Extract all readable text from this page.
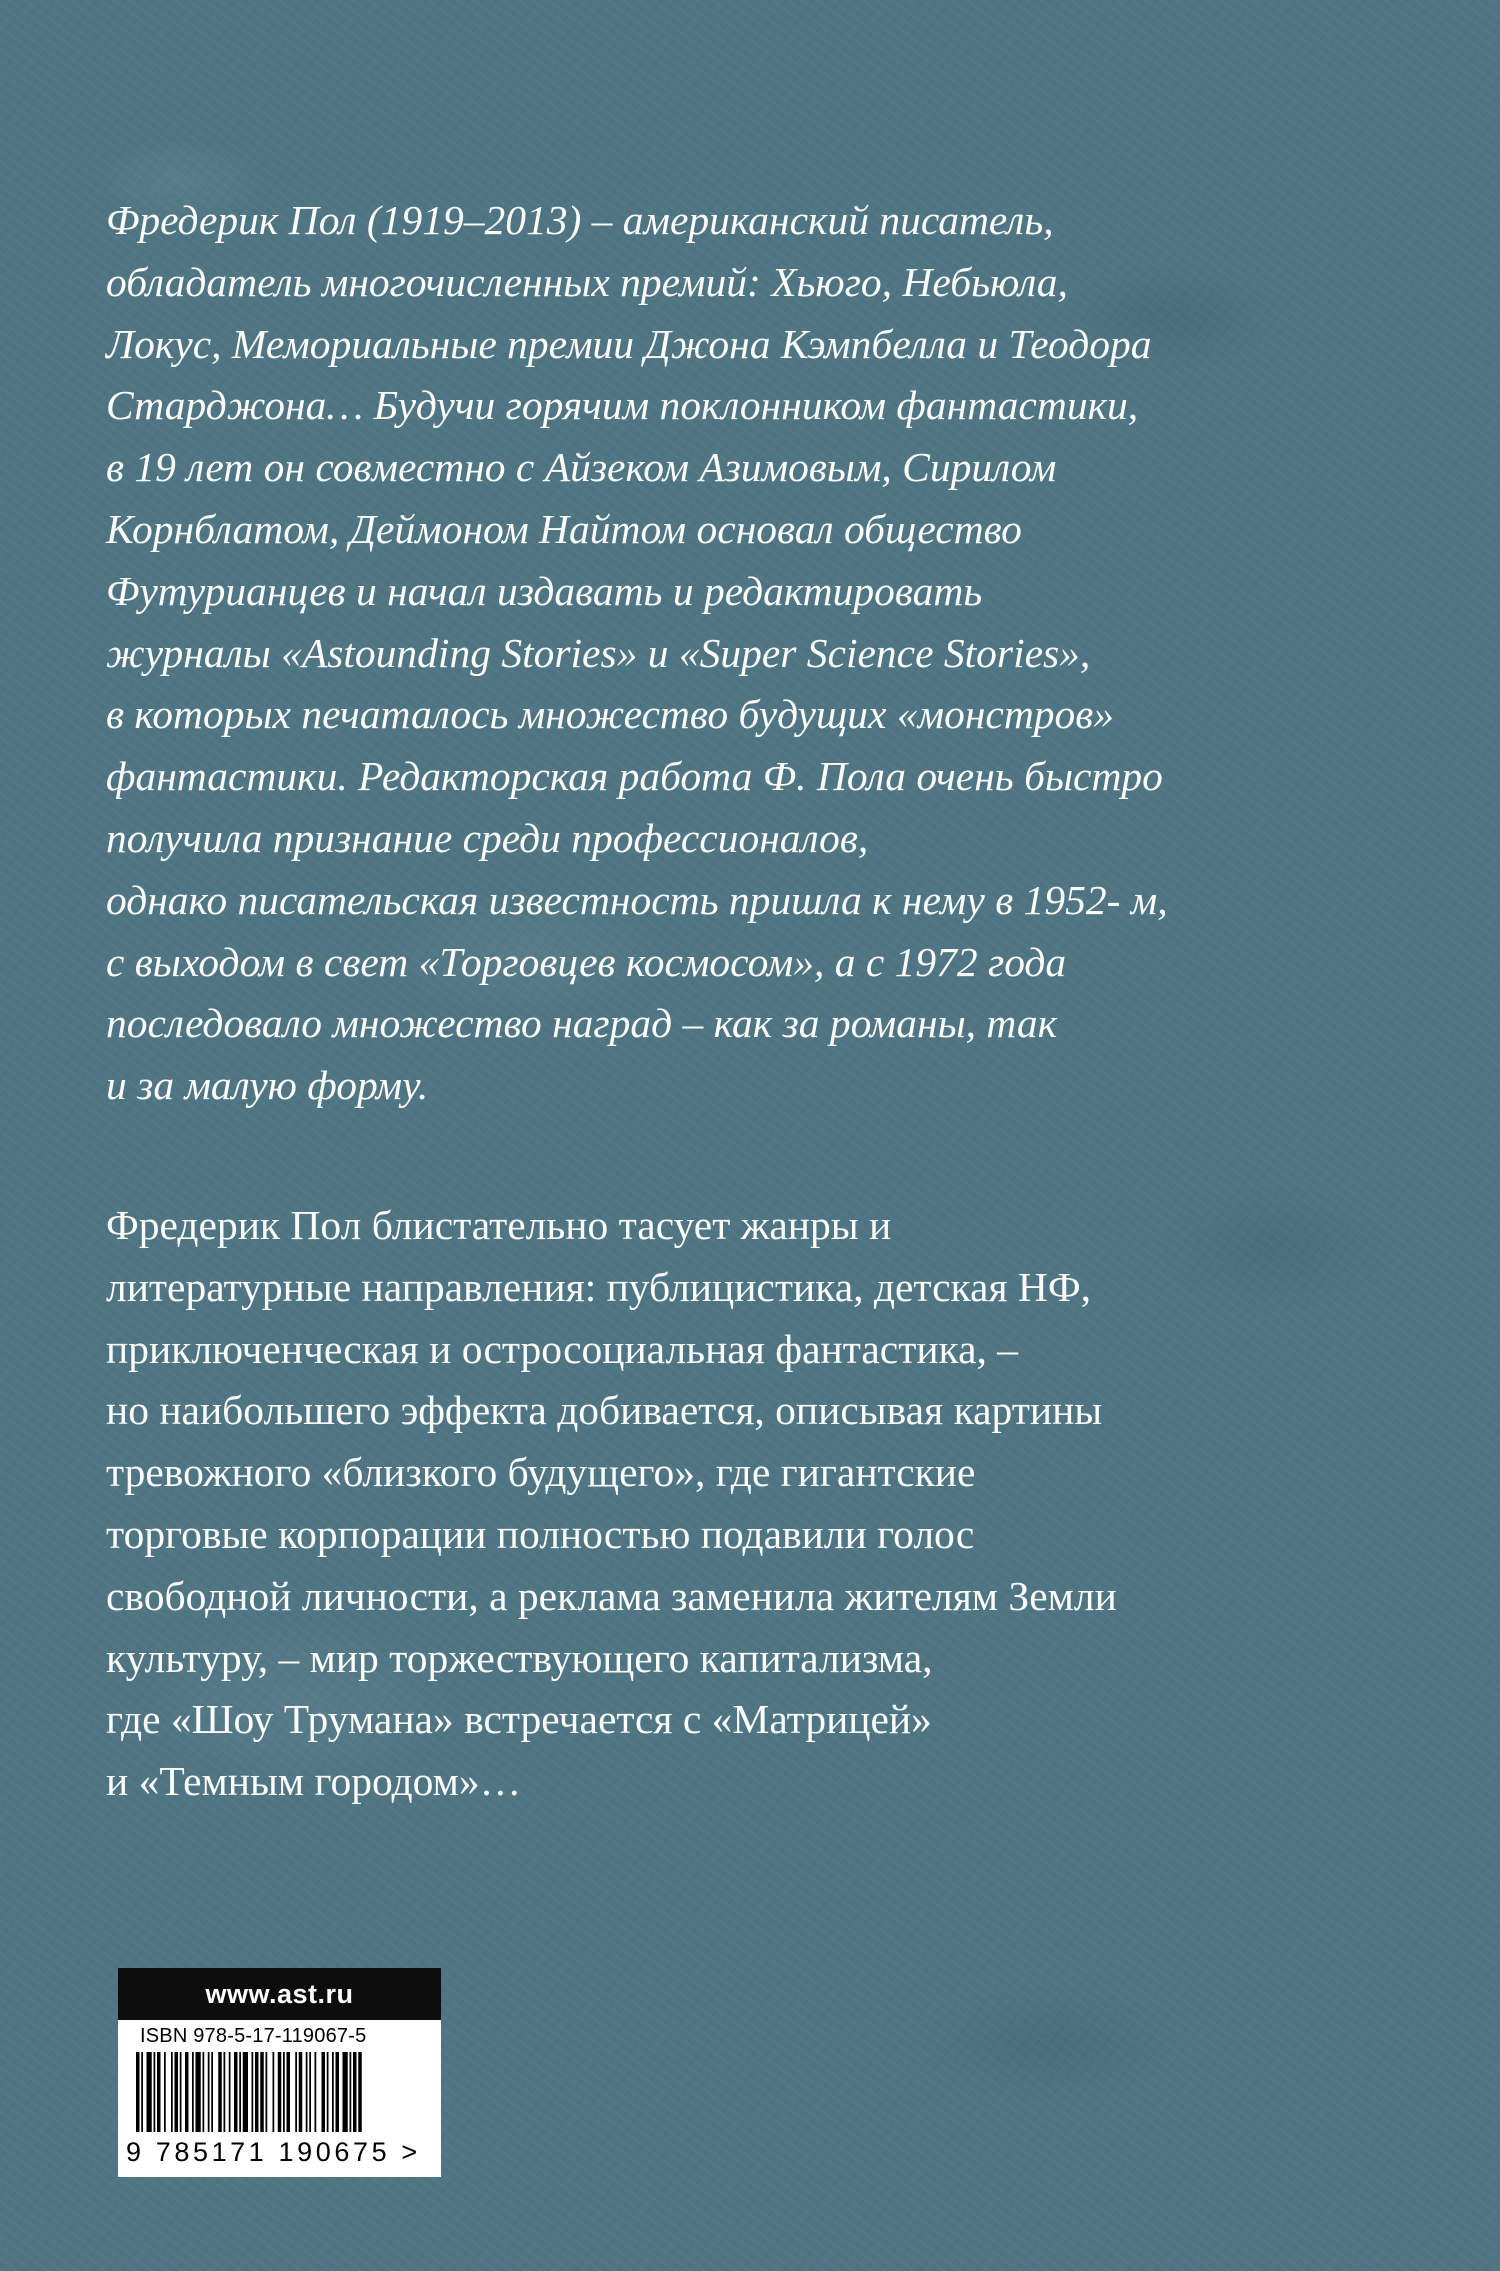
Фредерик Пол (1919–2013) – американский писатель,
обладатель многочисленных премий: Хьюго, Небьюла,
Локус, Мемориальные премии Джона Кэмпбелла и Теодора
Старджона… Будучи горячим поклонником фантастики,
в 19 лет он совместно с Айзеком Азимовым, Сирилом
Корнблатом, Деймоном Найтом основал общество
Футурианцев и начал издавать и редактировать
журналы «Astounding Stories» и «Super Science Stories»,
в которых печаталось множество будущих «монстров»
фантастики. Редакторская работа Ф. Пола очень быстро
получила признание среди профессионалов,
однако писательская известность пришла к нему в 1952- м,
с выходом в свет «Торговцев космосом», а с 1972 года
последовало множество наград – как за романы, так
и за малую форму.
Фредерик Пол блистательно тасует жанры и
литературные направления: публицистика, детская НФ,
приключенческая и остросоциальная фантастика, –
но наибольшего эффекта добивается, описывая картины
тревожного «близкого будущего», где гигантские
торговые корпорации полностью подавили голос
свободной личности, а реклама заменила жителям Земли
культуру, – мир торжествующего капитализма,
где «Шоу Трумана» встречается с «Матрицей»
и «Темным городом»…
www.ast.ru
ISBN 978-5-17-119067-5
9 785171 190675 >
